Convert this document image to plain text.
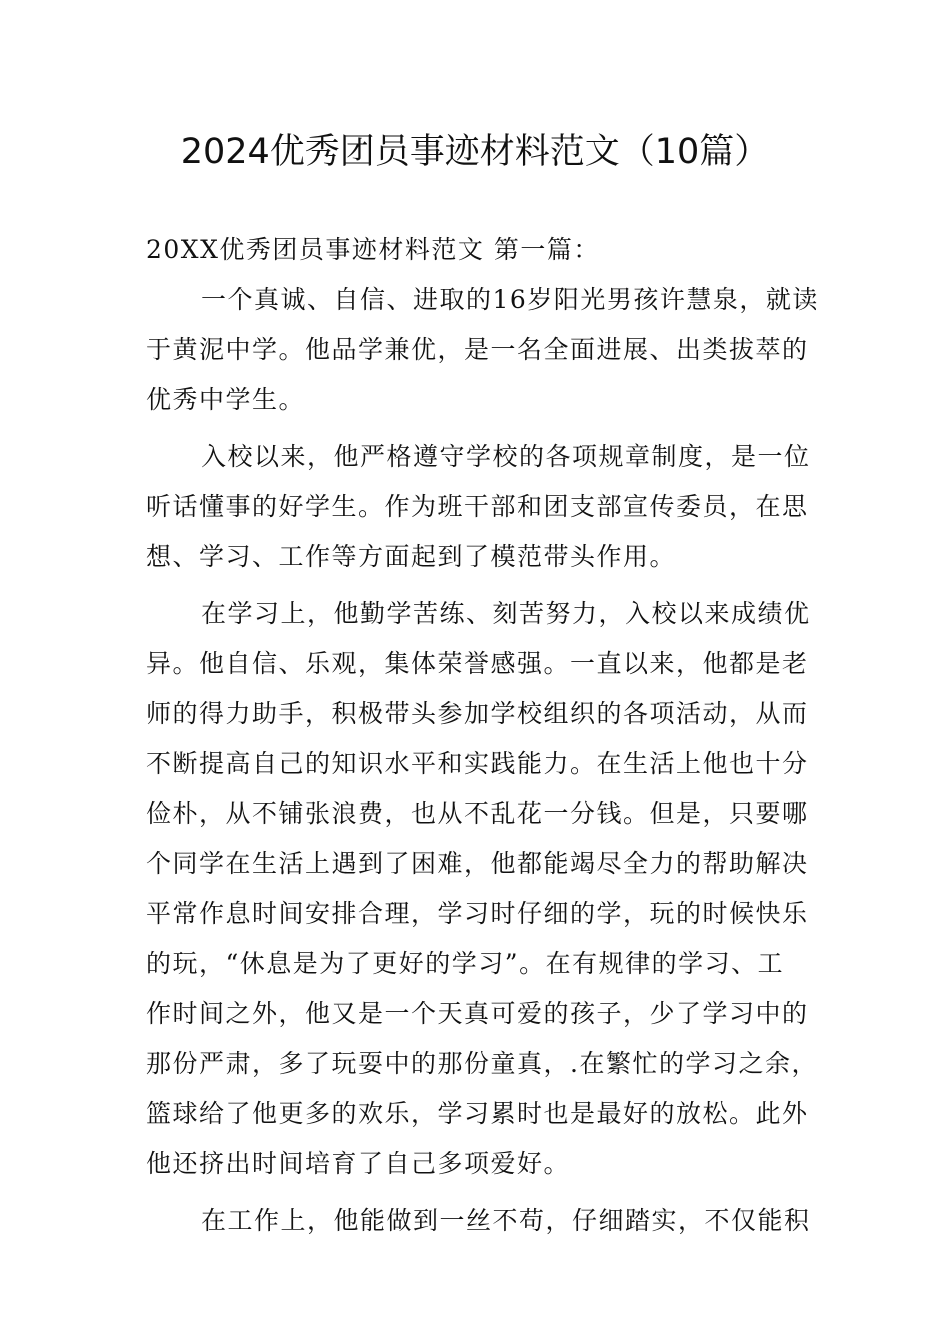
2024优秀团员事迹材料范文（10篇）
20XX优秀团员事迹材料范文 第一篇：
一个真诚、自信、进取的16岁阳光男孩许慧泉，就读
于黄泥中学。他品学兼优，是一名全面进展、出类拔萃的
优秀中学生。
入校以来，他严格遵守学校的各项规章制度，是一位
听话懂事的好学生。作为班干部和团支部宣传委员，在思
想、学习、工作等方面起到了模范带头作用。
在学习上，他勤学苦练、刻苦努力，入校以来成绩优
异。他自信、乐观，集体荣誉感强。一直以来，他都是老
师的得力助手，积极带头参加学校组织的各项活动，从而
不断提高自己的知识水平和实践能力。在生活上他也十分
俭朴，从不铺张浪费，也从不乱花一分钱。但是，只要哪
个同学在生活上遇到了困难，他都能竭尽全力的帮助解决
平常作息时间安排合理，学习时仔细的学，玩的时候快乐
的玩，“休息是为了更好的学习”。在有规律的学习、工
作时间之外，他又是一个天真可爱的孩子，少了学习中的
那份严肃，多了玩耍中的那份童真，.在繁忙的学习之余，
篮球给了他更多的欢乐，学习累时也是最好的放松。此外
他还挤出时间培育了自己多项爱好。
在工作上，他能做到一丝不苟，仔细踏实，不仅能积
